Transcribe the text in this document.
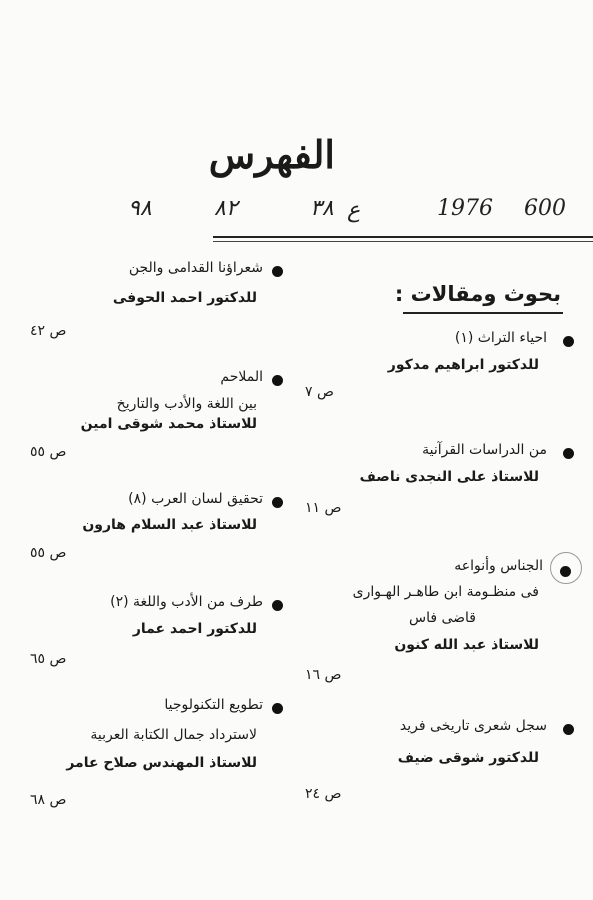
الفهرس
٩٨	٨٢	٣٨ ع	1976 600
بحوث ومقالات :
احياء التراث (١)
للدكتور ابراهيم مدكور
ص ٧
من الدراسات القرآنية
للاستاذ على النجدى ناصف
ص ١١
الجناس وأنواعه
فى منظـومة ابن طاهـر الهـوارى
قاضى فاس
للاستاذ عبد الله كنون
ص ١٦
سجل شعرى تاريخى فريد
للدكتور شوقى ضيف
ص ٢٤
شعراؤنا القدامى والجن
للدكتور احمد الحوفى
ص ٤٢
الملاحم
بين اللغة والأدب والتاريخ
للاستاذ محمد شوقى امين
ص ٥٥
تحقيق لسان العرب (٨)
للاستاذ عبد السلام هارون
ص ٥٥
طرف من الأدب واللغة (٢)
للدكتور احمد عمار
ص ٦٥
تطويع التكنولوجيا
لاسترداد جمال الكتابة العربية
للاستاذ المهندس صلاح عامر
ص ٦٨
